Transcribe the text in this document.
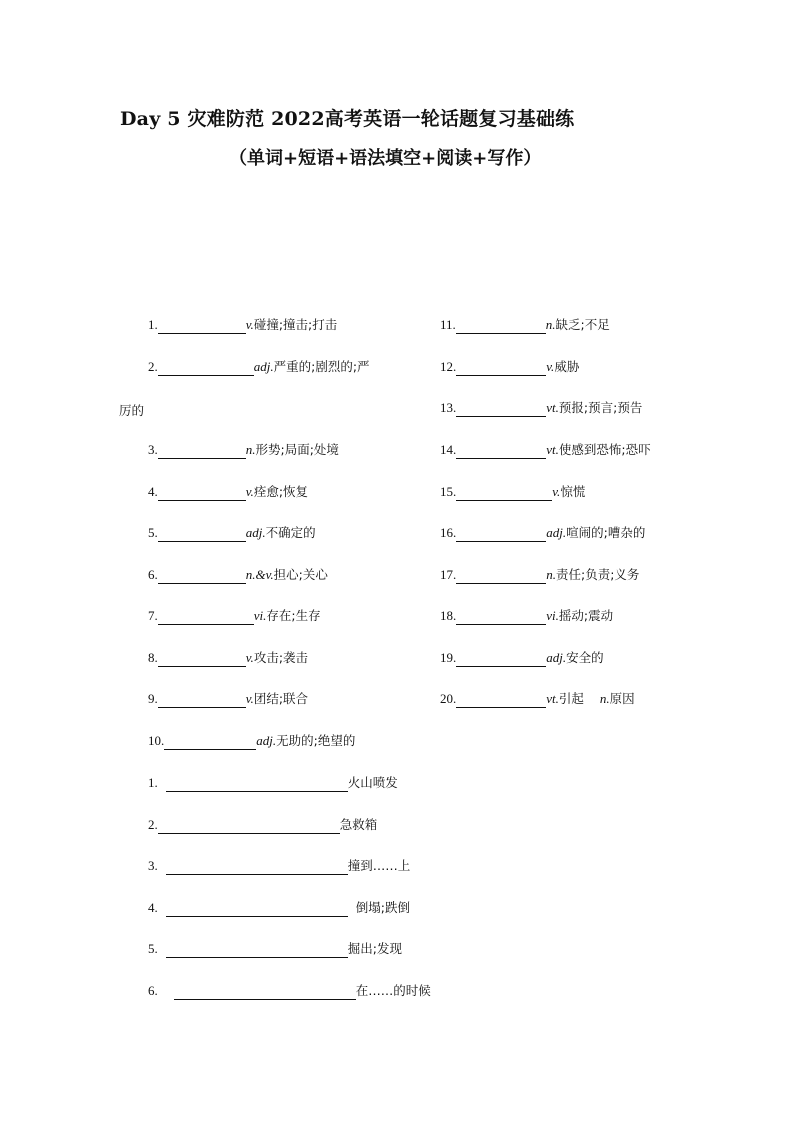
Day 5 灾难防范 2022高考英语一轮话题复习基础练
（单词+短语+语法填空+阅读+写作）
1.	v. 碰撞;撞击;打击
2.	adj. 严重的;剧烈的;严
厉的
3.	n. 形势;局面;处境
4.	v. 痊愈;恢复
5.	adj. 不确定的
6.	n.&v. 担心;关心
7.	vi. 存在;生存
8.	v. 攻击;袭击
9.	v. 团结;联合
10.	adj. 无助的;绝望的
11.	n. 缺乏;不足
12.	v. 威胁
13.	vt. 预报;预言;预告
14.	vt. 使感到恐怖;恐吓
15.	v. 惊慌
16.	adj. 喧闹的;嘈杂的
17.	n. 责任;负责;义务
18.	vi. 摇动;震动
19.	adj. 安全的
20.	vt. 引起 n. 原因
1.	火山喷发
2.	急救箱
3.	撞到……上
4.	倒塌;跌倒
5.	掘出;发现
6.	在……的时候
